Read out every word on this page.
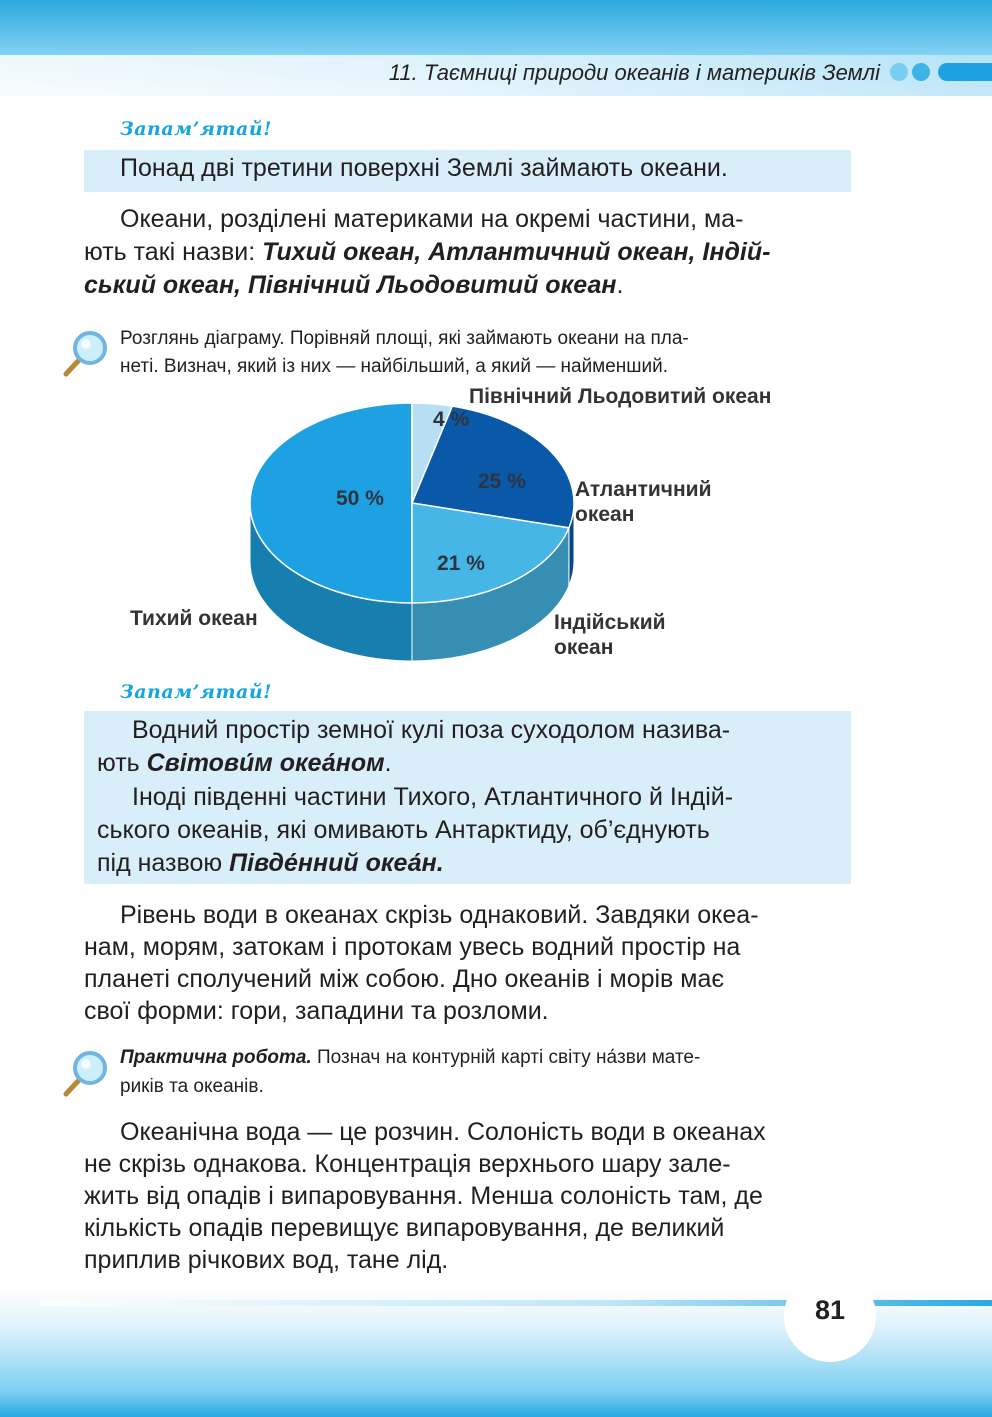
11. Таємниці природи океанів і материків Землі
Запам’ятай!
Понад дві третини поверхні Землі займають океани.
Океани, розділені материками на окремі частини, ма-
ють такі назви: Тихий океан, Атлантичний океан, Індій-
ський океан, Північний Льодовитий океан.
Розглянь діаграму. Порівняй площі, які займають океани на пла-
неті. Визнач, який із них — найбільший, а який — найменший.
50 %
4 %
25 %
21 %
Північний Льодовитий океан
Атлантичний
океан
Індійський
океан
Тихий океан
Запам’ятай!
Водний простір земної кулі поза суходолом назива-
ють Світови́м океа́ном.
Іноді південні частини Тихого, Атлантичного й Індій-
ського океанів, які омивають Антарктиду, об’єднують
під назвою Півде́нний океа́н.
Рівень води в океанах скрізь однаковий. Завдяки океа-
нам, морям, затокам і протокам увесь водний простір на
планеті сполучений між собою. Дно океанів і морів має
свої форми: гори, западини та розломи.
Практична робота. Познач на контурній карті світу на́зви мате-
риків та океанів.
Океанічна вода — це розчин. Солоність води в океанах
не скрізь однакова. Концентрація верхнього шару зале-
жить від опадів і випаровування. Менша солоність там, де
кількість опадів перевищує випаровування, де великий
приплив річкових вод, тане лід.
81
